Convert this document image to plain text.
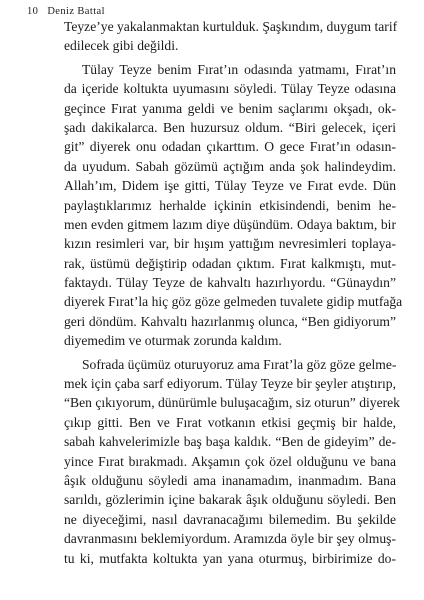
10 Deniz Battal
Teyze’ye yakalanmaktan kurtulduk. Şaşkındım, duygum tarif
edilecek gibi değildi.
Tülay Teyze benim Fırat’ın odasında yatmamı, Fırat’ın
da içeride koltukta uyumasını söyledi. Tülay Teyze odasına
geçince Fırat yanıma geldi ve benim saçlarımı okşadı, ok-
şadı dakikalarca. Ben huzursuz oldum. “Biri gelecek, içeri
git” diyerek onu odadan çıkarttım. O gece Fırat’ın odasın-
da uyudum. Sabah gözümü açtığım anda şok halindeydim.
Allah’ım, Didem işe gitti, Tülay Teyze ve Fırat evde. Dün
paylaştıklarımız herhalde içkinin etkisindendi, benim he-
men evden gitmem lazım diye düşündüm. Odaya baktım, bir
kızın resimleri var, bir hışım yattığım nevresimleri toplaya-
rak, üstümü değiştirip odadan çıktım. Fırat kalkmıştı, mut-
faktaydı. Tülay Teyze de kahvaltı hazırlıyordu. “Günaydın”
diyerek Fırat’la hiç göz göze gelmeden tuvalete gidip mutfağa
geri döndüm. Kahvaltı hazırlanmış olunca, “Ben gidiyorum”
diyemedim ve oturmak zorunda kaldım.
Sofrada üçümüz oturuyoruz ama Fırat’la göz göze gelme-
mek için çaba sarf ediyorum. Tülay Teyze bir şeyler atıştırıp,
“Ben çıkıyorum, dünürümle buluşacağım, siz oturun” diyerek
çıkıp gitti. Ben ve Fırat votkanın etkisi geçmiş bir halde,
sabah kahvelerimizle baş başa kaldık. “Ben de gideyim” de-
yince Fırat bırakmadı. Akşamın çok özel olduğunu ve bana
âşık olduğunu söyledi ama inanamadım, inanmadım. Bana
sarıldı, gözlerimin içine bakarak âşık olduğunu söyledi. Ben
ne diyeceğimi, nasıl davranacağımı bilemedim. Bu şekilde
davranmasını beklemiyordum. Aramızda öyle bir şey olmuş-
tu ki, mutfakta koltukta yan yana oturmuş, birbirimize do-
